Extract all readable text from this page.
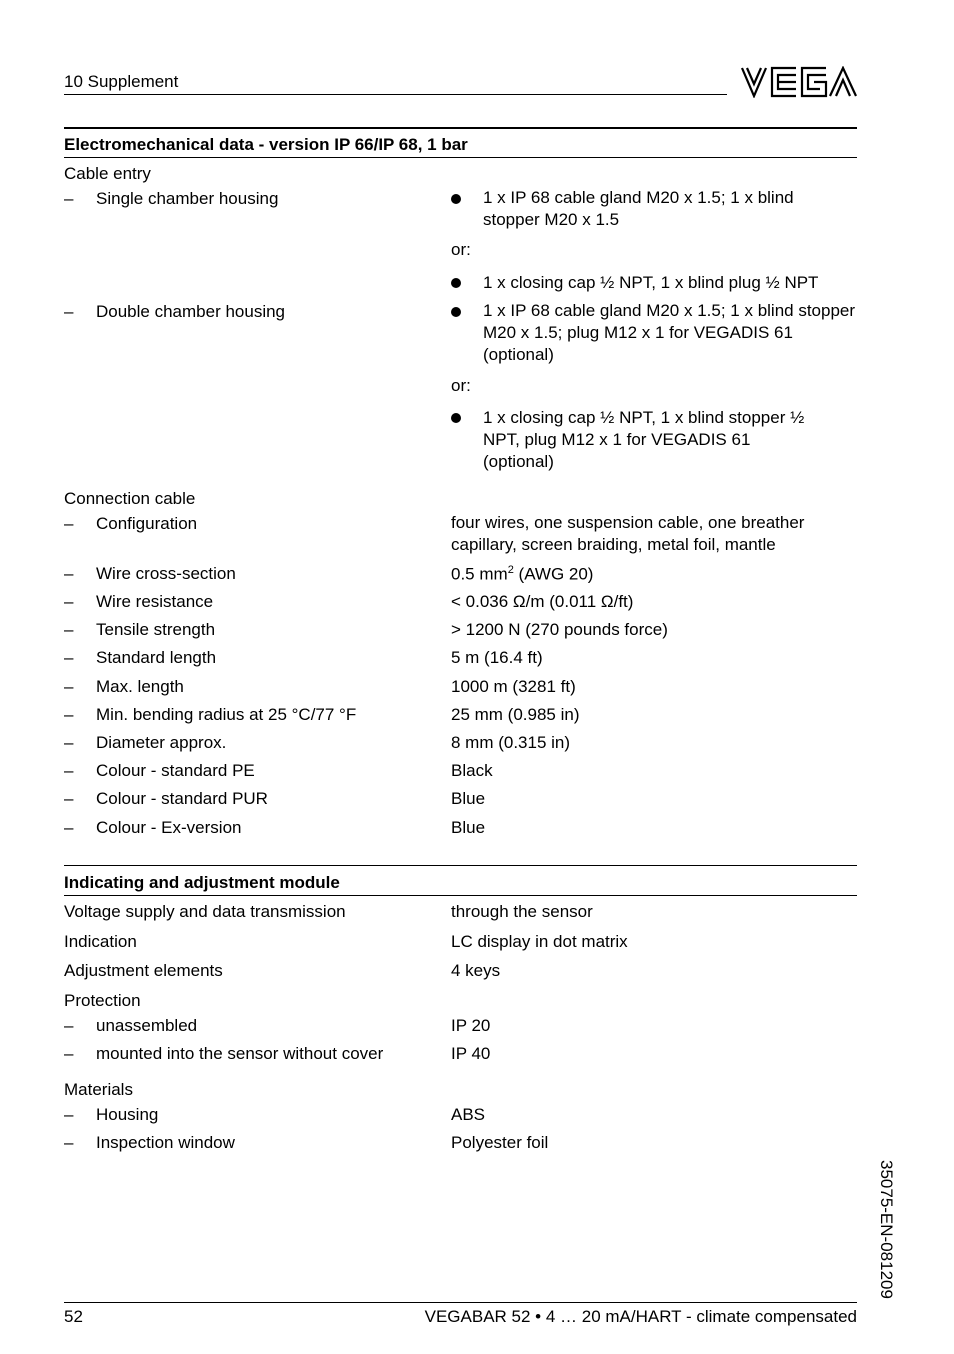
10 Supplement
Electromechanical data - version IP 66/IP 68, 1 bar
Cable entry
– Single chamber housing	1 x IP 68 cable gland M20 x 1.5; 1 x blind stopper M20 x 1.5
or:
1 x closing cap ½ NPT, 1 x blind plug ½ NPT
– Double chamber housing	1 x IP 68 cable gland M20 x 1.5; 1 x blind stopper M20 x 1.5; plug M12 x 1 for VEGADIS 61 (optional)
or:
1 x closing cap ½ NPT, 1 x blind stopper ½ NPT, plug M12 x 1 for VEGADIS 61 (optional)
Connection cable
– Configuration	four wires, one suspension cable, one breather capillary, screen braiding, metal foil, mantle
– Wire cross-section	0.5 $mm^2$ (AWG 20)
– Wire resistance	< 0.036 Ω/m (0.011 Ω/ft)
– Tensile strength	> 1200 N (270 pounds force)
– Standard length	5 m (16.4 ft)
– Max. length	1000 m (3281 ft)
– Min. bending radius at 25 °C/77 °F	25 mm (0.985 in)
– Diameter approx.	8 mm (0.315 in)
– Colour - standard PE	Black
– Colour - standard PUR	Blue
– Colour - Ex-version	Blue
Indicating and adjustment module
Voltage supply and data transmission	through the sensor
Indication	LC display in dot matrix
Adjustment elements	4 keys
Protection
– unassembled	IP 20
– mounted into the sensor without cover	IP 40
Materials
– Housing	ABS
– Inspection window	Polyester foil
35075-EN-081209
52	VEGABAR 52 • 4 … 20 mA/HART - climate compensated
